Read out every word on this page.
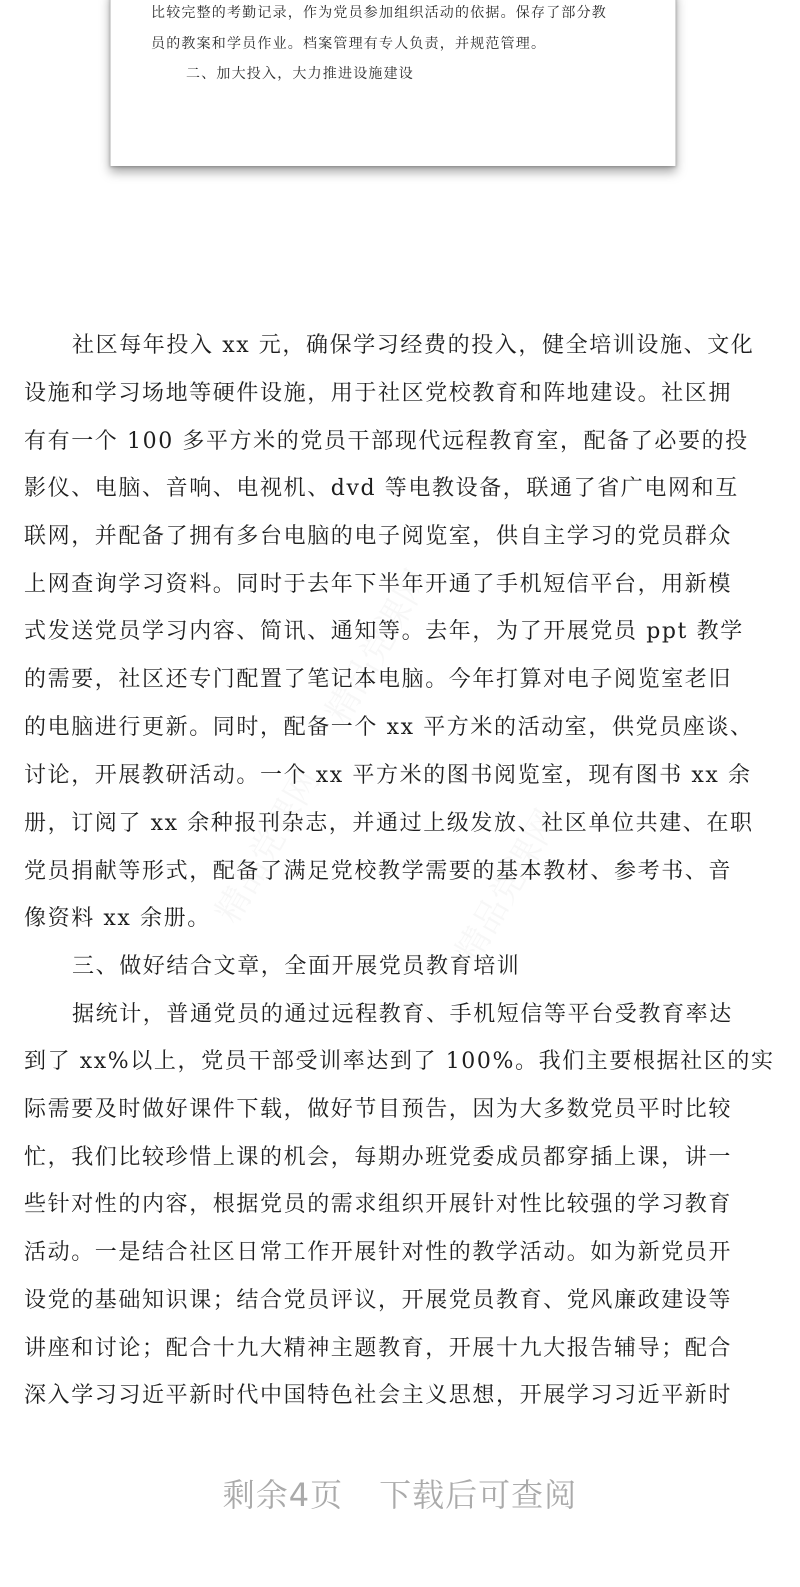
比较完整的考勤记录，作为党员参加组织活动的依据。保存了部分教
员的教案和学员作业。档案管理有专人负责，并规范管理。
二、加大投入，大力推进设施建设
精品党课网	精品党课网
精品党课网
社区每年投入 xx 元，确保学习经费的投入，健全培训设施、文化
设施和学习场地等硬件设施，用于社区党校教育和阵地建设。社区拥
有有一个 100 多平方米的党员干部现代远程教育室，配备了必要的投
影仪、电脑、音响、电视机、dvd 等电教设备，联通了省广电网和互
联网，并配备了拥有多台电脑的电子阅览室，供自主学习的党员群众
上网查询学习资料。同时于去年下半年开通了手机短信平台，用新模
式发送党员学习内容、简讯、通知等。去年，为了开展党员 ppt 教学
的需要，社区还专门配置了笔记本电脑。今年打算对电子阅览室老旧
的电脑进行更新。同时，配备一个 xx 平方米的活动室，供党员座谈、
讨论，开展教研活动。一个 xx 平方米的图书阅览室，现有图书 xx 余
册，订阅了 xx 余种报刊杂志，并通过上级发放、社区单位共建、在职
党员捐献等形式，配备了满足党校教学需要的基本教材、参考书、音
像资料 xx 余册。
三、做好结合文章，全面开展党员教育培训
据统计，普通党员的通过远程教育、手机短信等平台受教育率达
到了 xx%以上，党员干部受训率达到了 100%。我们主要根据社区的实
际需要及时做好课件下载，做好节目预告，因为大多数党员平时比较
忙，我们比较珍惜上课的机会，每期办班党委成员都穿插上课，讲一
些针对性的内容，根据党员的需求组织开展针对性比较强的学习教育
活动。一是结合社区日常工作开展针对性的教学活动。如为新党员开
设党的基础知识课；结合党员评议，开展党员教育、党风廉政建设等
讲座和讨论；配合十九大精神主题教育，开展十九大报告辅导；配合
深入学习习近平新时代中国特色社会主义思想，开展学习习近平新时
剩余4页 下载后可查阅
